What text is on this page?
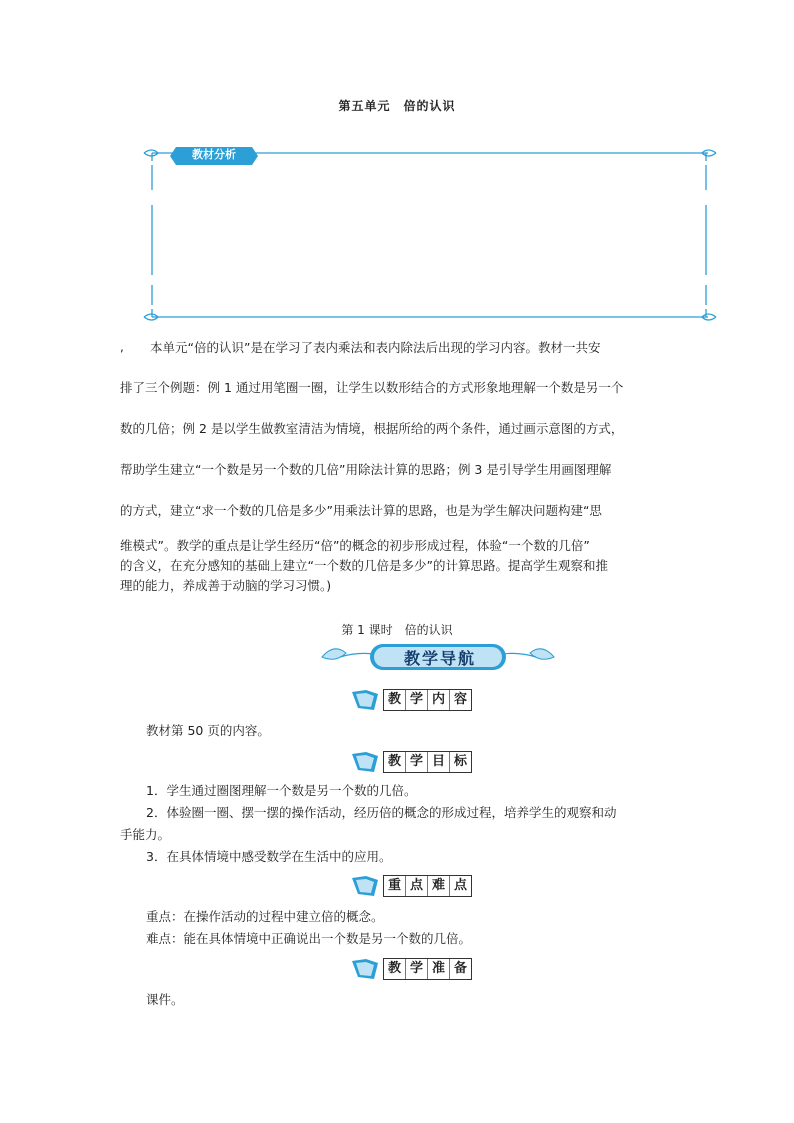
第五单元　倍的认识
教材分析
, 本单元“倍的认识”是在学习了表内乘法和表内除法后出现的学习内容。教材一共安
排了三个例题：例 1 通过用笔圈一圈，让学生以数形结合的方式形象地理解一个数是另一个
数的几倍；例 2 是以学生做教室清洁为情境，根据所给的两个条件，通过画示意图的方式，
帮助学生建立“一个数是另一个数的几倍”用除法计算的思路；例 3 是引导学生用画图理解
的方式，建立“求一个数的几倍是多少”用乘法计算的思路，也是为学生解决问题构建“思
维模式”。教学的重点是让学生经历“倍”的概念的初步形成过程，体验“一个数的几倍”
的含义，在充分感知的基础上建立“一个数的几倍是多少”的计算思路。提高学生观察和推
理的能力，养成善于动脑的学习习惯。)
第 1 课时　倍的认识
教学导航
教 学 内 容
教材第 50 页的内容。
教 学 目 标
1．学生通过圈图理解一个数是另一个数的几倍。
2．体验圈一圈、摆一摆的操作活动，经历倍的概念的形成过程，培养学生的观察和动
手能力。
3．在具体情境中感受数学在生活中的应用。
重 点 难 点
重点：在操作活动的过程中建立倍的概念。
难点：能在具体情境中正确说出一个数是另一个数的几倍。
教 学 准 备
课件。
